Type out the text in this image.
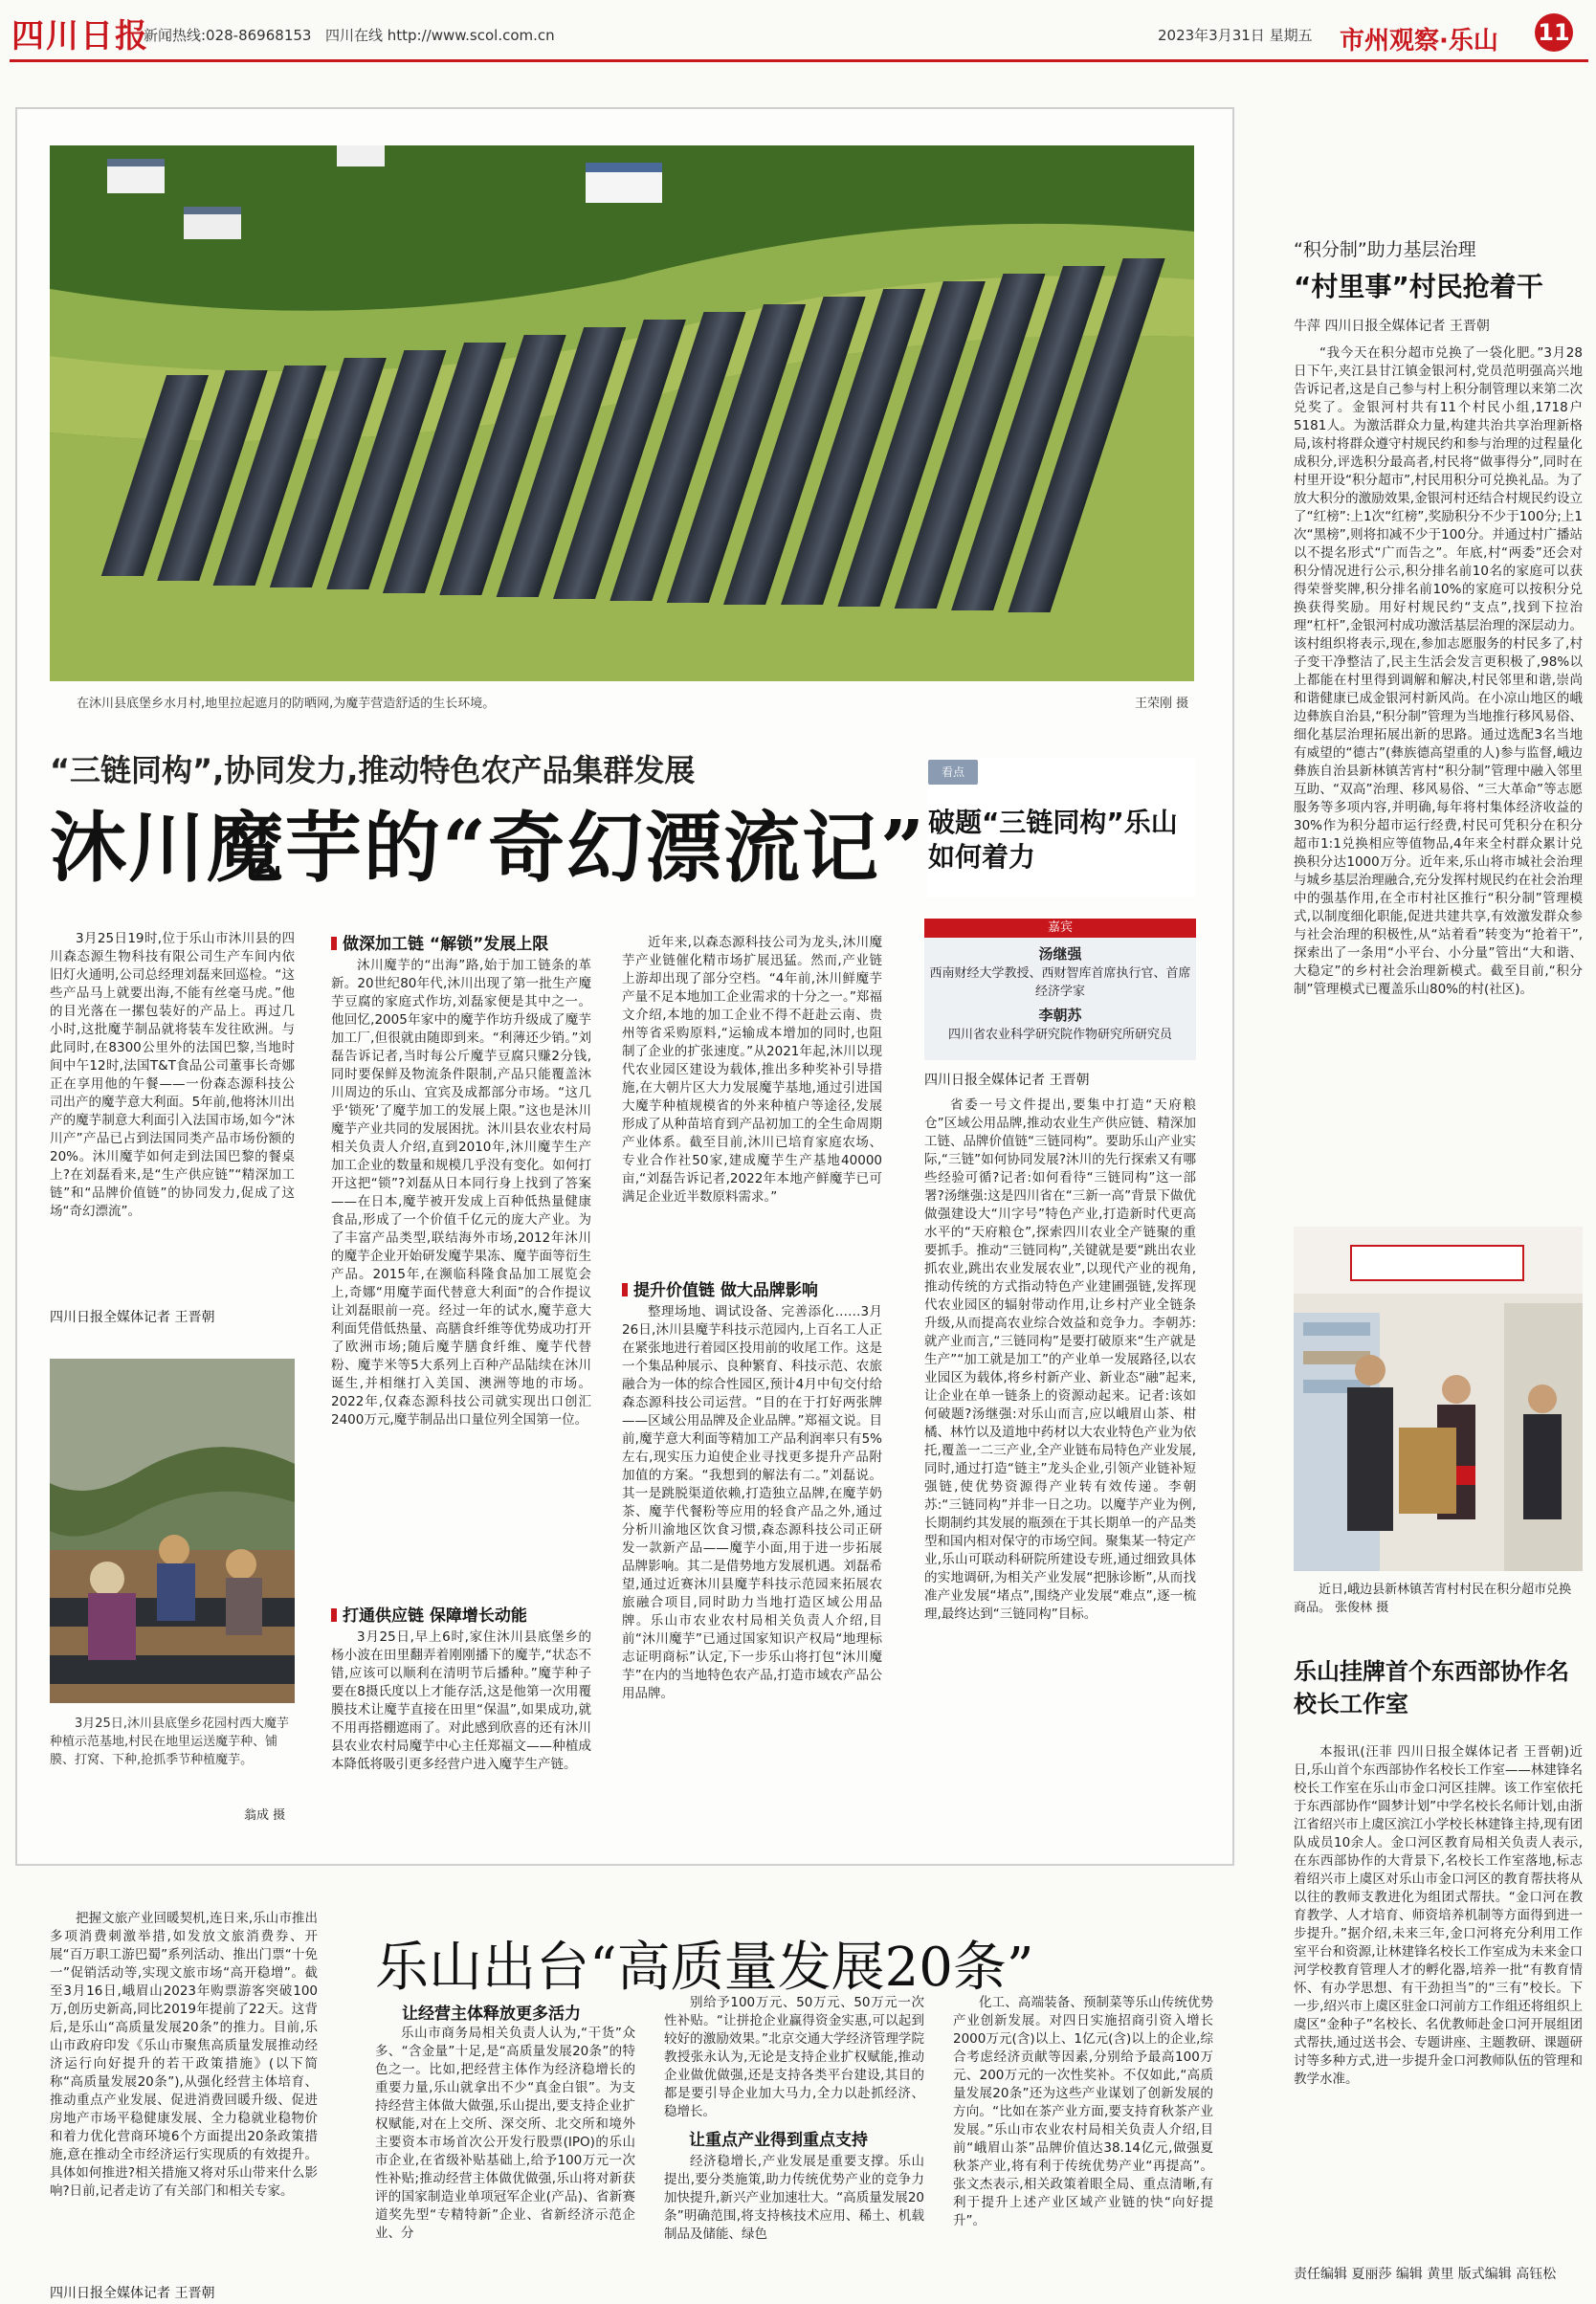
四川日报
新闻热线:028-86968153 四川在线 http://www.scol.com.cn	2023年3月31日 星期五 市州观察·乐山 11
在沐川县底堡乡水月村,地里拉起遮月的防晒网,为魔芋营造舒适的生长环境。	王荣刚 摄
“三链同构”,协同发力,推动特色农产品集群发展
沐川魔芋的“奇幻漂流记”
看点
破题“三链同构”乐山如何着力
嘉宾
汤继强
西南财经大学教授、西财智库首席执行官、首席经济学家
李朝苏
四川省农业科学研究院作物研究所研究员
3月25日19时,位于乐山市沐川县的四川森态源生物科技有限公司生产车间内依旧灯火通明,公司总经理刘磊来回巡检。“这些产品马上就要出海,不能有丝毫马虎。”他的目光落在一摞包装好的产品上。再过几小时,这批魔芋制品就将装车发往欧洲。与此同时,在8300公里外的法国巴黎,当地时间中午12时,法国T&T食品公司董事长奇娜正在享用他的午餐——一份森态源科技公司出产的魔芋意大利面。5年前,他将沐川出产的魔芋制意大利面引入法国市场,如今“沐川产”产品已占到法国同类产品市场份额的20%。沐川魔芋如何走到法国巴黎的餐桌上?在刘磊看来,是“生产供应链”“精深加工链”和“品牌价值链”的协同发力,促成了这场“奇幻漂流”。
四川日报全媒体记者 王晋朝
3月25日,沐川县底堡乡花园村西大魔芋种植示范基地,村民在地里运送魔芋种、铺膜、打窝、下种,抢抓季节种植魔芋。
翁成 摄
做深加工链 “解锁”发展上限
沐川魔芋的“出海”路,始于加工链条的革新。20世纪80年代,沐川出现了第一批生产魔芋豆腐的家庭式作坊,刘磊家便是其中之一。他回忆,2005年家中的魔芋作坊升级成了魔芋加工厂,但很就由随即到来。“利薄还少销。”刘磊告诉记者,当时每公斤魔芋豆腐只赚2分钱,同时要保鲜及物流条件限制,产品只能覆盖沐川周边的乐山、宜宾及成都部分市场。“这几乎‘锁死’了魔芋加工的发展上限。”这也是沐川魔芋产业共同的发展困扰。沐川县农业农村局相关负责人介绍,直到2010年,沐川魔芋生产加工企业的数量和规模几乎没有变化。如何打开这把“锁”?刘磊从日本同行身上找到了答案——在日本,魔芋被开发成上百种低热量健康食品,形成了一个价值千亿元的庞大产业。为了丰富产品类型,联结海外市场,2012年沐川的魔芋企业开始研发魔芋果冻、魔芋面等衍生产品。2015年,在濒临科隆食品加工展览会上,奇娜“用魔芋面代替意大利面”的合作提议让刘磊眼前一亮。经过一年的试水,魔芋意大利面凭借低热量、高膳食纤维等优势成功打开了欧洲市场;随后魔芋膳食纤维、魔芋代替粉、魔芋米等5大系列上百种产品陆续在沐川诞生,并相继打入美国、澳洲等地的市场。2022年,仅森态源科技公司就实现出口创汇2400万元,魔芋制品出口量位列全国第一位。
打通供应链 保障增长动能
3月25日,早上6时,家住沐川县底堡乡的杨小波在田里翻弄着刚刚播下的魔芋,“状态不错,应该可以顺利在清明节后播种。”魔芋种子要在8摄氏度以上才能存活,这是他第一次用覆膜技术让魔芋直接在田里“保温”,如果成功,就不用再搭棚遮雨了。对此感到欣喜的还有沐川县农业农村局魔芋中心主任郑福文——种植成本降低将吸引更多经营户进入魔芋生产链。
近年来,以森态源科技公司为龙头,沐川魔芋产业链催化精市场扩展迅猛。然而,产业链上游却出现了部分空档。“4年前,沐川鲜魔芋产量不足本地加工企业需求的十分之一。”郑福文介绍,本地的加工企业不得不赶赴云南、贵州等省采购原料,“运输成本增加的同时,也阻制了企业的扩张速度。”从2021年起,沐川以现代农业园区建设为载体,推出多种奖补引导措施,在大朝片区大力发展魔芋基地,通过引进国大魔芋种植规模省的外来种植户等途径,发展形成了从种苗培育到产品初加工的全生命周期产业体系。截至目前,沐川已培育家庭农场、专业合作社50家,建成魔芋生产基地40000亩,“刘磊告诉记者,2022年本地产鲜魔芋已可满足企业近半数原料需求。”
提升价值链 做大品牌影响
整理场地、调试设备、完善添化……3月26日,沐川县魔芋科技示范园内,上百名工人正在紧张地进行着园区投用前的收尾工作。这是一个集品种展示、良种繁育、科技示范、农旅融合为一体的综合性园区,预计4月中旬交付给森态源科技公司运营。“目的在于打好两张牌——区域公用品牌及企业品牌。”郑福文说。目前,魔芋意大利面等精加工产品利润率只有5%左右,现实压力迫使企业寻找更多提升产品附加值的方案。“我想到的解法有二。”刘磊说。其一是跳脱渠道依赖,打造独立品牌,在魔芋奶茶、魔芋代餐粉等应用的轻食产品之外,通过分析川渝地区饮食习惯,森态源科技公司正研发一款新产品——魔芋小面,用于进一步拓展品牌影响。其二是借势地方发展机遇。刘磊希望,通过近赛沐川县魔芋科技示范园来拓展农旅融合项目,同时助力当地打造区域公用品牌。乐山市农业农村局相关负责人介绍,目前“沐川魔芋”已通过国家知识产权局“地理标志证明商标”认定,下一步乐山将打包“沐川魔芋”在内的当地特色农产品,打造市域农产品公用品牌。
四川日报全媒体记者 王晋朝
省委一号文件提出,要集中打造“天府粮仓”区域公用品牌,推动农业生产供应链、精深加工链、品牌价值链“三链同构”。要助乐山产业实际,“三链”如何协同发展?沐川的先行探索又有哪些经验可循?记者:如何看待“三链同构”这一部署?汤继强:这是四川省在“三新一高”背景下做优做强建设大“川字号”特色产业,打造新时代更高水平的“天府粮仓”,探索四川农业全产链聚的重要抓手。推动“三链同构”,关键就是要“跳出农业抓农业,跳出农业发展农业”,以现代产业的视角,推动传统的方式指动特色产业建圃强链,发挥现代农业园区的辐射带动作用,让乡村产业全链条升级,从而提高农业综合效益和竞争力。李朝苏:就产业而言,“三链同构”是要打破原来“生产就是生产”“加工就是加工”的产业单一发展路径,以农业园区为载体,将乡村新产业、新业态“融”起来,让企业在单一链条上的资源动起来。记者:该如何破题?汤继强:对乐山而言,应以峨眉山茶、柑橘、林竹以及道地中药材以大农业特色产业为依托,覆盖一二三产业,全产业链布局特色产业发展,同时,通过打造“链主”龙头企业,引领产业链补短强链,使优势资源得产业转有效传递。李朝苏:“三链同构”并非一日之功。以魔芋产业为例,长期制约其发展的瓶颈在于其长期单一的产品类型和国内相对保守的市场空间。聚集某一特定产业,乐山可联动科研院所建设专班,通过细致具体的实地调研,为相关产业发展“把脉诊断”,从而找准产业发展“堵点”,围绕产业发展“难点”,逐一梳理,最终达到“三链同构”目标。
“积分制”助力基层治理
“村里事”村民抢着干
牛萍 四川日报全媒体记者 王晋朝
“我今天在积分超市兑换了一袋化肥。”3月28日下午,夹江县甘江镇金银河村,党员范明强高兴地告诉记者,这是自己参与村上积分制管理以来第二次兑奖了。金银河村共有11个村民小组,1718户5181人。为激活群众力量,构建共治共享治理新格局,该村将群众遵守村规民约和参与治理的过程量化成积分,评选积分最高者,村民将“做事得分”,同时在村里开设“积分超市”,村民用积分可兑换礼品。为了放大积分的激励效果,金银河村还结合村规民约设立了“红榜”:上1次“红榜”,奖励积分不少于100分;上1次“黑榜”,则将扣减不少于100分。并通过村广播站以不提名形式“广而告之”。年底,村“两委”还会对积分情况进行公示,积分排名前10名的家庭可以获得荣誉奖牌,积分排名前10%的家庭可以按积分兑换获得奖励。用好村规民约“支点”,找到下拉治理“杠杆”,金银河村成功激活基层治理的深层动力。该村组织将表示,现在,参加志愿服务的村民多了,村子变干净整洁了,民主生活会发言更积极了,98%以上都能在村里得到调解和解决,村民邻里和谐,崇尚和谐健康已成金银河村新风尚。在小凉山地区的峨边彝族自治县,“积分制”管理为当地推行移风易俗、细化基层治理拓展出新的思路。通过选配3名当地有威望的“德古”(彝族德高望重的人)参与监督,峨边彝族自治县新林镇苦宵村“积分制”管理中融入邻里互助、“双高”治理、移风易俗、“三大革命”等志愿服务等多项内容,并明确,每年将村集体经济收益的30%作为积分超市运行经费,村民可凭积分在积分超市1:1兑换相应等值物品,4年来全村群众累计兑换积分达1000万分。近年来,乐山将市城社会治理与城乡基层治理融合,充分发挥村规民约在社会治理中的强基作用,在全市村社区推行“积分制”管理模式,以制度细化职能,促进共建共享,有效激发群众参与社会治理的积极性,从“站着看”转变为“抢着干”,探索出了一条用“小平台、小分量”管出“大和谐、大稳定”的乡村社会治理新模式。截至目前,“积分制”管理模式已覆盖乐山80%的村(社区)。
近日,峨边县新林镇苦宵村村民在积分超市兑换商品。 张俊林 摄
乐山挂牌首个东西部协作名校长工作室
本报讯(汪菲 四川日报全媒体记者 王晋朝)近日,乐山首个东西部协作名校长工作室——林建锋名校长工作室在乐山市金口河区挂牌。该工作室依托于东西部协作“圆梦计划”中学名校长名师计划,由浙江省绍兴市上虞区滨江小学校长林建锋主持,现有团队成员10余人。金口河区教育局相关负责人表示,在东西部协作的大背景下,名校长工作室落地,标志着绍兴市上虞区对乐山市金口河区的教育帮扶将从以往的教师支教进化为组团式帮扶。“金口河在教育教学、人才培育、师资培养机制等方面得到进一步提升。”据介绍,未来三年,金口河将充分利用工作室平台和资源,让林建锋名校长工作室成为未来金口河学校教育管理人才的孵化器,培养一批“有教育情怀、有办学思想、有干劲担当”的“三有”校长。下一步,绍兴市上虞区驻金口河前方工作组还将组织上虞区“金种子”名校长、名优教师赴金口河开展组团式帮扶,通过送书会、专题讲座、主题教研、课题研讨等多种方式,进一步提升金口河教师队伍的管理和教学水准。
责任编辑 夏丽莎 编辑 黄里 版式编辑 高钰松
把握文旅产业回暖契机,连日来,乐山市推出多项消费刺激举措,如发放文旅消费券、开展“百万职工游巴蜀”系列活动、推出门票“十免一”促销活动等,实现文旅市场“高开稳增”。截至3月16日,峨眉山2023年购票游客突破100万,创历史新高,同比2019年提前了22天。这背后,是乐山“高质量发展20条”的推力。目前,乐山市政府印发《乐山市聚焦高质量发展推动经济运行向好提升的若干政策措施》(以下简称“高质量发展20条”),从强化经营主体培育、推动重点产业发展、促进消费回暖升级、促进房地产市场平稳健康发展、全力稳就业稳物价和着力优化营商环境6个方面提出20条政策措施,意在推动全市经济运行实现质的有效提升。具体如何推进?相关措施又将对乐山带来什么影响?日前,记者走访了有关部门和相关专家。
四川日报全媒体记者 王晋朝
乐山出台“高质量发展20条”
让经营主体释放更多活力
乐山市商务局相关负责人认为,“干货”众多、“含金量”十足,是“高质量发展20条”的特色之一。比如,把经营主体作为经济稳增长的重要力量,乐山就拿出不少“真金白银”。为支持经营主体做大做强,乐山提出,要支持企业扩权赋能,对在上交所、深交所、北交所和境外主要资本市场首次公开发行股票(IPO)的乐山市企业,在省级补贴基础上,给予100万元一次性补贴;推动经营主体做优做强,乐山将对新获评的国家制造业单项冠军企业(产品)、省新赛道奖先型“专精特新”企业、省新经济示范企业、分
别给予100万元、50万元、50万元一次性补贴。“让拼抢企业赢得资金实惠,可以起到较好的激励效果。”北京交通大学经济管理学院教授张永认为,无论是支持企业扩权赋能,推动企业做优做强,还是支持各类平台建设,其目的都是要引导企业加大马力,全力以赴抓经济、稳增长。
让重点产业得到重点支持
经济稳增长,产业发展是重要支撑。乐山提出,要分类施策,助力传统优势产业的竞争力加快提升,新兴产业加速壮大。“高质量发展20条”明确范围,将支持核技术应用、稀土、机载制品及储能、绿色
化工、高端装备、预制菜等乐山传统优势产业创新发展。对四日实施招商引资入增长2000万元(含)以上、1亿元(含)以上的企业,综合考虑经济贡献等因素,分别给予最高100万元、200万元的一次性奖补。不仅如此,“高质量发展20条”还为这些产业谋划了创新发展的方向。“比如在茶产业方面,要支持育秋茶产业发展。”乐山市农业农村局相关负责人介绍,目前“峨眉山茶”品牌价值达38.14亿元,做强夏秋茶产业,将有利于传统优势产业“再提高”。张文杰表示,相关政策着眼全局、重点清晰,有利于提升上述产业区域产业链的快“向好提升”。
